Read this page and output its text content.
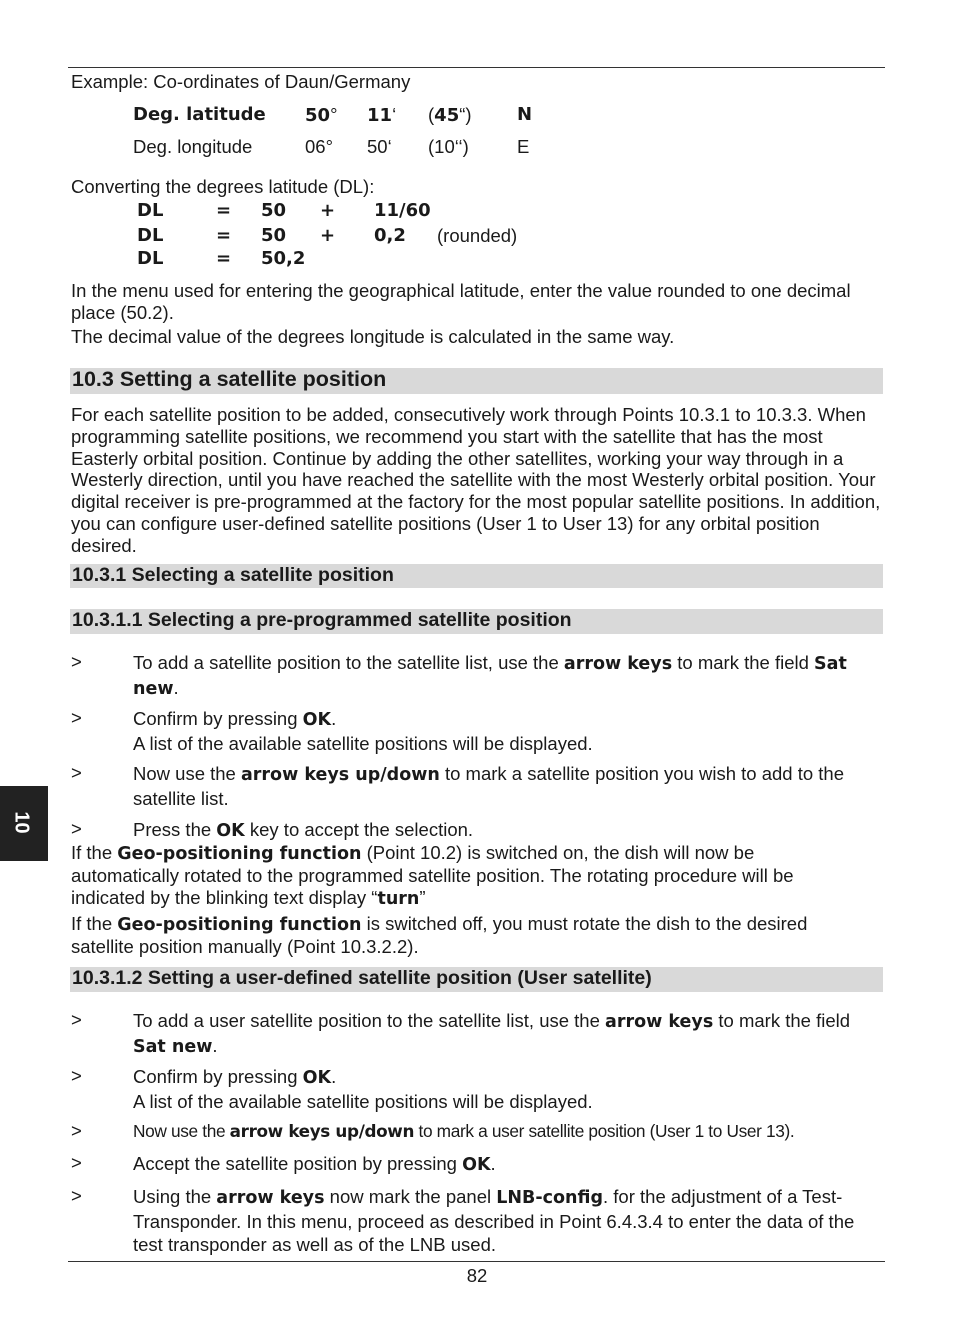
Example: Co-ordinates of Daun/Germany
Deg. latitude 50° 11‘ (45“)	N
Deg. longitude	06° 50‘ (10‘‘)	E
Converting the degrees latitude (DL):
DL	= 50 + 11/60
DL	= 50 + 0,2 (rounded)
DL	= 50,2

In the menu used for entering the geographical latitude, enter the value rounded to one decimal place (50.2).

The decimal value of the degrees longitude is calculated in the same way.

10.3 Setting a satellite position

For each satellite position to be added, consecutively work through Points 10.3.1 to 10.3.3. When programming satellite positions, we recommend you start with the satellite that has the most Easterly orbital position. Continue by adding the other satellites, working your way through in a Westerly direction, until you have reached the satellite with the most Westerly orbital position. Your digital receiver is pre-programmed at the factory for the most popular satellite positions. In addition, you can configure user-defined satellite positions (User 1 to User 13) for any orbital position desired.

10.3.1 Selecting a satellite position
10.3.1.1 Selecting a pre-programmed satellite position
>	To add a satellite position to the satellite list, use the arrow keys to mark the field Sat new.
>	Confirm by pressing OK.
A list of the available satellite positions will be displayed.
>	Now use the arrow keys up/down to mark a satellite position you wish to add to the satellite list.
>	Press the OK key to accept the selection.

If the Geo-positioning function (Point 10.2) is switched on, the dish will now be automatically rotated to the programmed satellite position. The rotating procedure will be indicated by the blinking text display “turn”

If the Geo-positioning function is switched off, you must rotate the dish to the desired satellite position manually (Point 10.3.2.2).

10.3.1.2 Setting a user-defined satellite position (User satellite)
>	To add a user satellite position to the satellite list, use the arrow keys to mark the field Sat new.
>	Confirm by pressing OK.
A list of the available satellite positions will be displayed.
>	Now use the arrow keys up/down to mark a user satellite position (User 1 to User 13).
>	Accept the satellite position by pressing OK.
>	Using the arrow keys now mark the panel LNB-config. for the adjustment of a Test-Transponder. In this menu, proceed as described in Point 6.4.3.4 to enter the data of the test transponder as well as of the LNB used.
82
10
